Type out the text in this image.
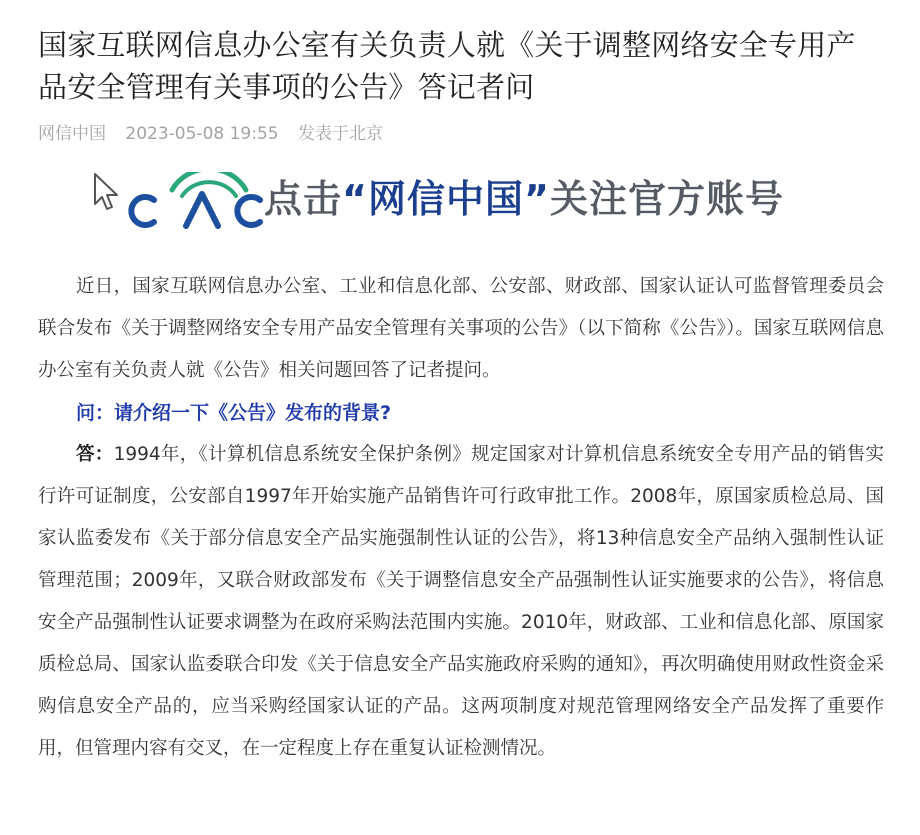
国家互联网信息办公室有关负责人就《关于调整网络安全专用产品安全管理有关事项的公告》答记者问
网信中国 2023-05-08 19:55 发表于北京
点击“网信中国”关注官方账号

近日，国家互联网信息办公室、工业和信息化部、公安部、财政部、国家认证认可监督管理委员会联合发布《关于调整网络安全专用产品安全管理有关事项的公告》（以下简称《公告》）。国家互联网信息办公室有关负责人就《公告》相关问题回答了记者提问。

问：请介绍一下《公告》发布的背景?

答：1994年，《计算机信息系统安全保护条例》规定国家对计算机信息系统安全专用产品的销售实行许可证制度，公安部自1997年开始实施产品销售许可行政审批工作。2008年，原国家质检总局、国家认监委发布《关于部分信息安全产品实施强制性认证的公告》，将13种信息安全产品纳入强制性认证管理范围；2009年，又联合财政部发布《关于调整信息安全产品强制性认证实施要求的公告》，将信息安全产品强制性认证要求调整为在政府采购法范围内实施。2010年，财政部、工业和信息化部、原国家质检总局、国家认监委联合印发《关于信息安全产品实施政府采购的通知》，再次明确使用财政性资金采购信息安全产品的，应当采购经国家认证的产品。这两项制度对规范管理网络安全产品发挥了重要作用，但管理内容有交叉，在一定程度上存在重复认证检测情况。
